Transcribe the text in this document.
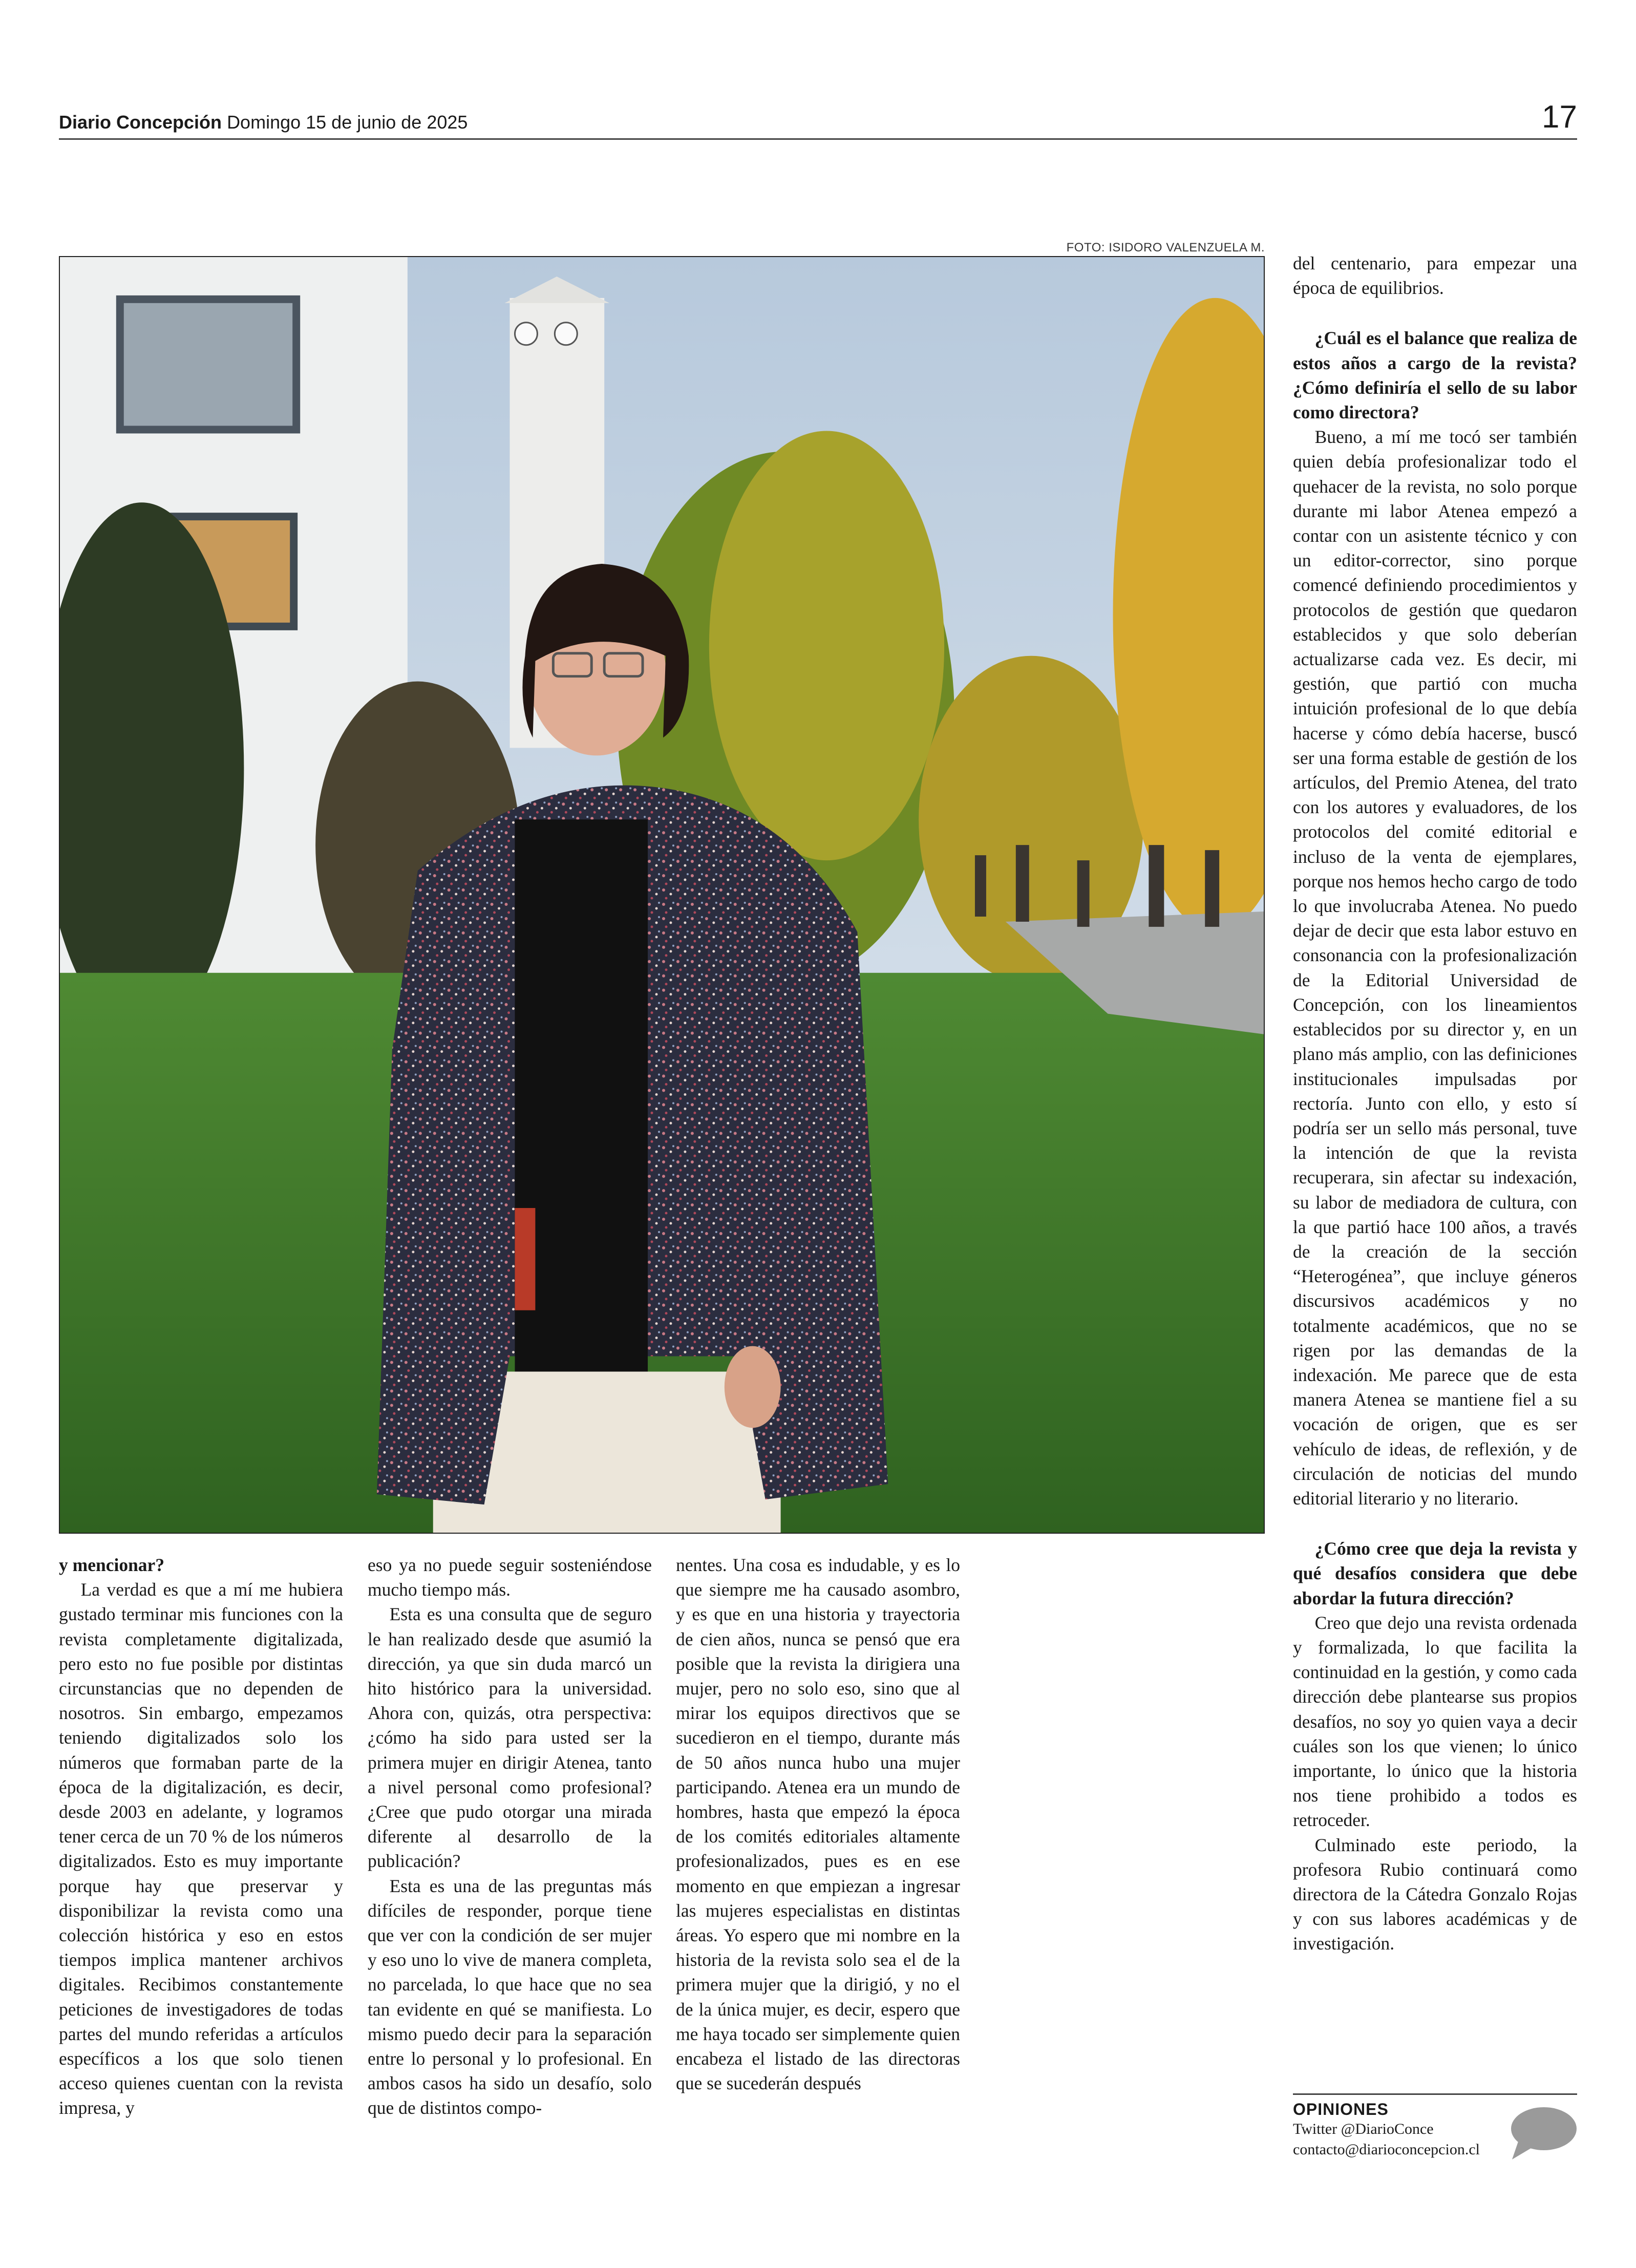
Diario Concepción Domingo 15 de junio de 2025	17
FOTO: ISIDORO VALENZUELA M.

y mencionar?

La verdad es que a mí me hubiera gustado terminar mis funciones con la revista completamente digitalizada, pero esto no fue posible por distintas circunstancias que no dependen de nosotros. Sin embargo, empezamos teniendo digitalizados solo los números que formaban parte de la época de la digitalización, es decir, desde 2003 en adelante, y logramos tener cerca de un 70 % de los números digitalizados. Esto es muy importante porque hay que preservar y disponibilizar la revista como una colección histórica y eso en estos tiempos implica mantener archivos digitales. Recibimos constantemente peticiones de investigadores de todas partes del mundo referidas a artículos específicos a los que solo tienen acceso quienes cuentan con la revista impresa, y

eso ya no puede seguir sosteniéndose mucho tiempo más.

Esta es una consulta que de seguro le han realizado desde que asumió la dirección, ya que sin duda marcó un hito histórico para la universidad. Ahora con, quizás, otra perspectiva: ¿cómo ha sido para usted ser la primera mujer en dirigir Atenea, tanto a nivel personal como profesional? ¿Cree que pudo otorgar una mirada diferente al desarrollo de la publicación?

Esta es una de las preguntas más difíciles de responder, porque tiene que ver con la condición de ser mujer y eso uno lo vive de manera completa, no parcelada, lo que hace que no sea tan evidente en qué se manifiesta. Lo mismo puedo decir para la separación entre lo personal y lo profesional. En ambos casos ha sido un desafío, solo que de distintos compo-

nentes. Una cosa es indudable, y es lo que siempre me ha causado asombro, y es que en una historia y trayectoria de cien años, nunca se pensó que era posible que la revista la dirigiera una mujer, pero no solo eso, sino que al mirar los equipos directivos que se sucedieron en el tiempo, durante más de 50 años nunca hubo una mujer participando. Atenea era un mundo de hombres, hasta que empezó la época de los comités editoriales altamente profesionalizados, pues es en ese momento en que empiezan a ingresar las mujeres especialistas en distintas áreas. Yo espero que mi nombre en la historia de la revista solo sea el de la primera mujer que la dirigió, y no el de la única mujer, es decir, espero que me haya tocado ser simplemente quien encabeza el listado de las directoras que se sucederán después

del centenario, para empezar una época de equilibrios.

¿Cuál es el balance que realiza de estos años a cargo de la revista? ¿Cómo definiría el sello de su labor como directora?

Bueno, a mí me tocó ser también quien debía profesionalizar todo el quehacer de la revista, no solo porque durante mi labor Atenea empezó a contar con un asistente técnico y con un editor-corrector, sino porque comencé definiendo procedimientos y protocolos de gestión que quedaron establecidos y que solo deberían actualizarse cada vez. Es decir, mi gestión, que partió con mucha intuición profesional de lo que debía hacerse y cómo debía hacerse, buscó ser una forma estable de gestión de los artículos, del Premio Atenea, del trato con los autores y evaluadores, de los protocolos del comité editorial e incluso de la venta de ejemplares, porque nos hemos hecho cargo de todo lo que involucraba Atenea. No puedo dejar de decir que esta labor estuvo en consonancia con la profesionalización de la Editorial Universidad de Concepción, con los lineamientos establecidos por su director y, en un plano más amplio, con las definiciones institucionales impulsadas por rectoría. Junto con ello, y esto sí podría ser un sello más personal, tuve la intención de que la revista recuperara, sin afectar su indexación, su labor de mediadora de cultura, con la que partió hace 100 años, a través de la creación de la sección “Heterogénea”, que incluye géneros discursivos académicos y no totalmente académicos, que no se rigen por las demandas de la indexación. Me parece que de esta manera Atenea se mantiene fiel a su vocación de origen, que es ser vehículo de ideas, de reflexión, y de circulación de noticias del mundo editorial literario y no literario.

¿Cómo cree que deja la revista y qué desafíos considera que debe abordar la futura dirección?

Creo que dejo una revista ordenada y formalizada, lo que facilita la continuidad en la gestión, y como cada dirección debe plantearse sus propios desafíos, no soy yo quien vaya a decir cuáles son los que vienen; lo único importante, lo único que la historia nos tiene prohibido a todos es retroceder.

Culminado este periodo, la profesora Rubio continuará como directora de la Cátedra Gonzalo Rojas y con sus labores académicas y de investigación.

OPINIONES
Twitter @DiarioConce
contacto@diarioconcepcion.cl
